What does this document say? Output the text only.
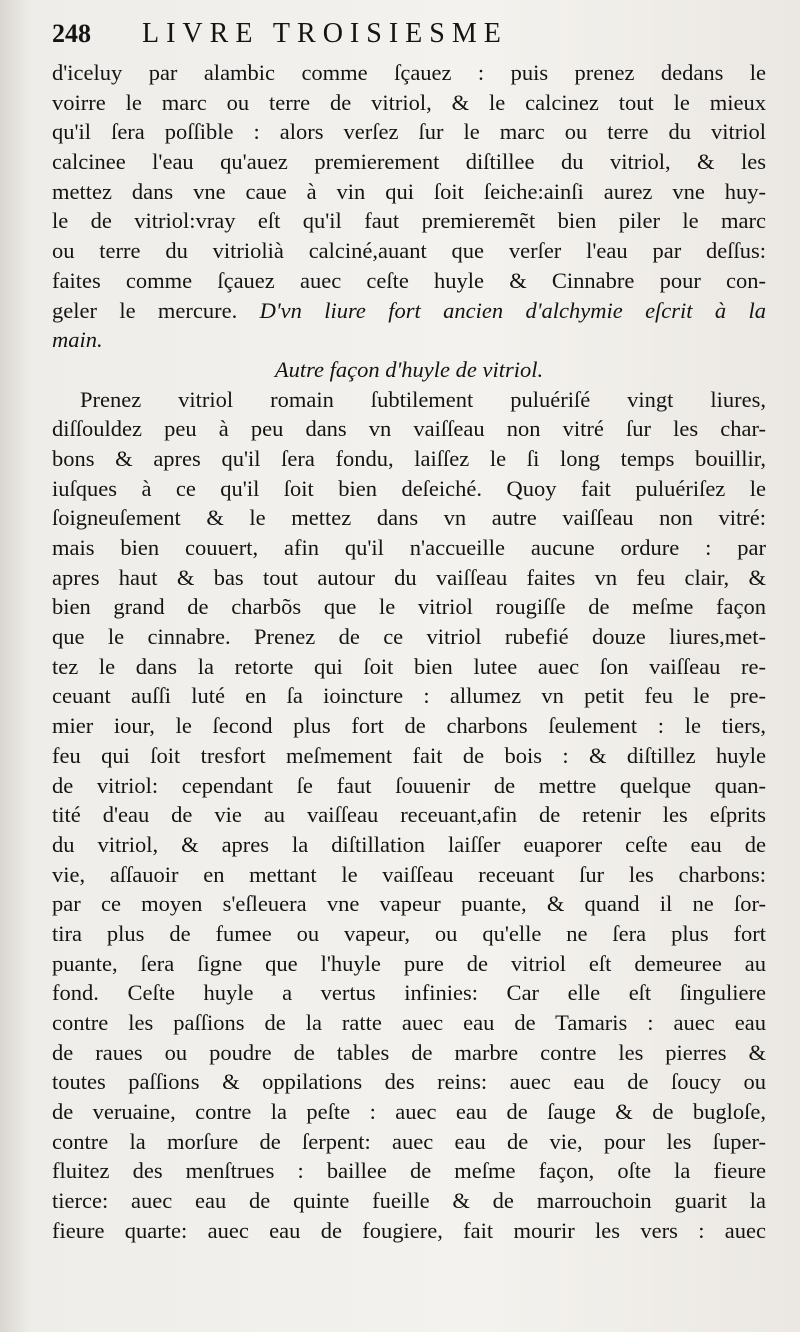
248	LIVRE TROISIESME
d'iceluy par alambic comme ſçauez : puis prenez dedans le
voirre le marc ou terre de vitriol, & le calcinez tout le mieux
qu'il ſera poſſible : alors verſez ſur le marc ou terre du vitriol
calcinee l'eau qu'auez premierement diſtillee du vitriol, & les
mettez dans vne caue à vin qui ſoit ſeiche:ainſi aurez vne huy-
le de vitriol:vray eſt qu'il faut premieremẽt bien piler le marc
ou terre du vitriolià calciné,auant que verſer l'eau par deſſus:
faites comme ſçauez auec ceſte huyle & Cinnabre pour con-
geler le mercure. D'vn liure fort ancien d'alchymie eſcrit à la
main.
Autre façon d'huyle de vitriol.
Prenez vitriol romain ſubtilement puluériſé vingt liures,
diſſouldez peu à peu dans vn vaiſſeau non vitré ſur les char-
bons & apres qu'il ſera fondu, laiſſez le ſi long temps bouillir,
iuſques à ce qu'il ſoit bien deſeiché. Quoy fait puluériſez le
ſoigneuſement & le mettez dans vn autre vaiſſeau non vitré:
mais bien couuert, afin qu'il n'accueille aucune ordure : par
apres haut & bas tout autour du vaiſſeau faites vn feu clair, &
bien grand de charbõs que le vitriol rougiſſe de meſme façon
que le cinnabre. Prenez de ce vitriol rubefié douze liures,met-
tez le dans la retorte qui ſoit bien lutee auec ſon vaiſſeau re-
ceuant auſſi luté en ſa ioincture : allumez vn petit feu le pre-
mier iour, le ſecond plus fort de charbons ſeulement : le tiers,
feu qui ſoit tresfort meſmement fait de bois : & diſtillez huyle
de vitriol: cependant ſe faut ſouuenir de mettre quelque quan-
tité d'eau de vie au vaiſſeau receuant,afin de retenir les eſprits
du vitriol, & apres la diſtillation laiſſer euaporer ceſte eau de
vie, aſſauoir en mettant le vaiſſeau receuant ſur les charbons:
par ce moyen s'eſleuera vne vapeur puante, & quand il ne ſor-
tira plus de fumee ou vapeur, ou qu'elle ne ſera plus fort
puante, ſera ſigne que l'huyle pure de vitriol eſt demeuree au
fond. Ceſte huyle a vertus infinies: Car elle eſt ſinguliere
contre les paſſions de la ratte auec eau de Tamaris : auec eau
de raues ou poudre de tables de marbre contre les pierres &
toutes paſſions & oppilations des reins: auec eau de ſoucy ou
de veruaine, contre la peſte : auec eau de ſauge & de bugloſe,
contre la morſure de ſerpent: auec eau de vie, pour les ſuper-
fluitez des menſtrues : baillee de meſme façon, oſte la fieure
tierce: auec eau de quinte fueille & de marrouchoin guarit la
fieure quarte: auec eau de fougiere, fait mourir les vers : auec
